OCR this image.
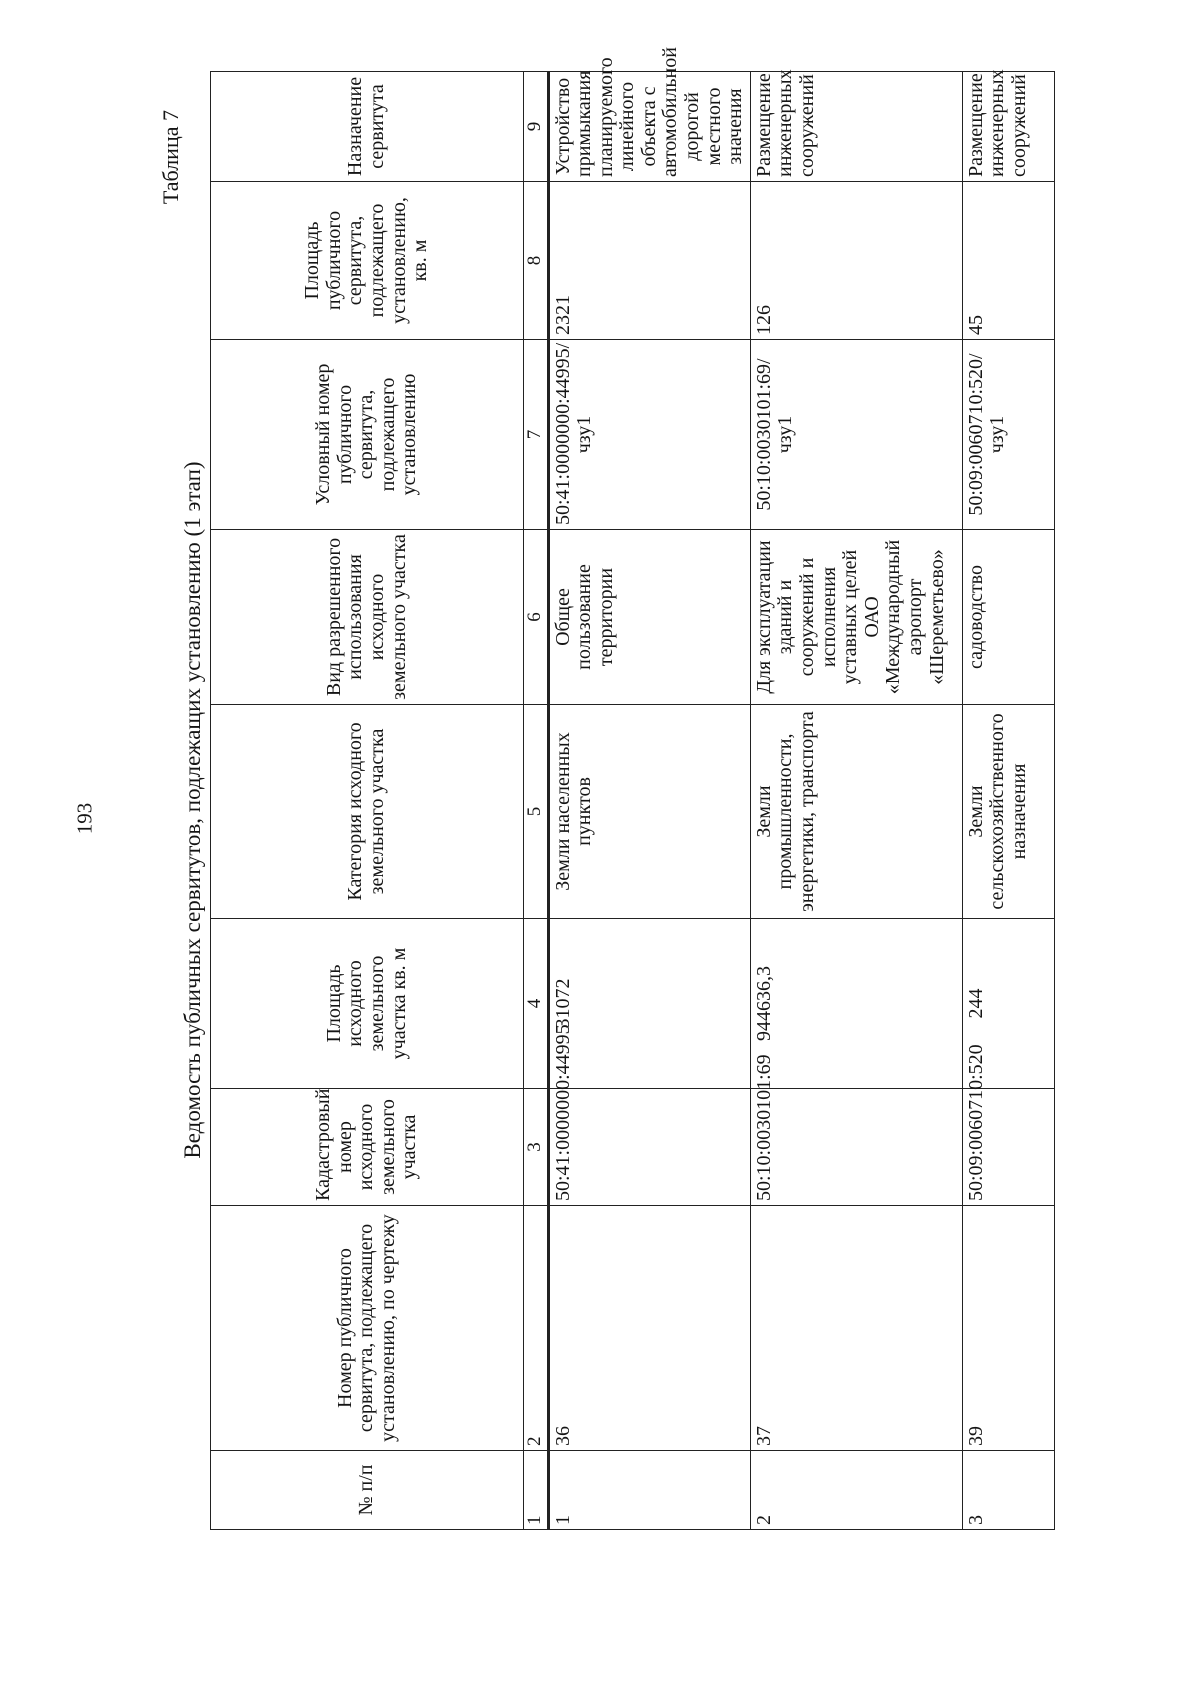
193
Таблица 7
Ведомость публичных сервитутов, подлежащих установлению (1 этап)
№ п/п	Номер публичного сервитута, подлежащего установлению, по чертежу	Кадастровый номер исходного земельного участка	Площадь исходного земельного участка кв. м	Категория исходного земельного участка	Вид разрешенного использования исходного земельного участка	Условный номер публичного сервитута, подлежащего установлению	Площадь публичного сервитута, подлежащего установлению, кв. м	Назначение сервитута
1	2	3	4	5	6	7	8	9
1	36	50:41:0000000:44995	31072	Земли населенных пунктов	Общее пользование территории	50:41:0000000:44995/чзу1	2321	Устройство примыкания планируемого линейного объекта с автомобильной дорогой местного значения
2	37	50:10:0030101:69	944636,3	Земли промышленности, энергетики, транспорта	Для эксплуатации зданий и сооружений и исполнения уставных целей ОАО «Международный аэропорт «Шереметьево»	50:10:0030101:69/чзу1	126	Размещение инженерных сооружений
3	39	50:09:0060710:520	244	Земли сельскохозяйственного назначения	садоводство	50:09:0060710:520/чзу1	45	Размещение инженерных сооружений
